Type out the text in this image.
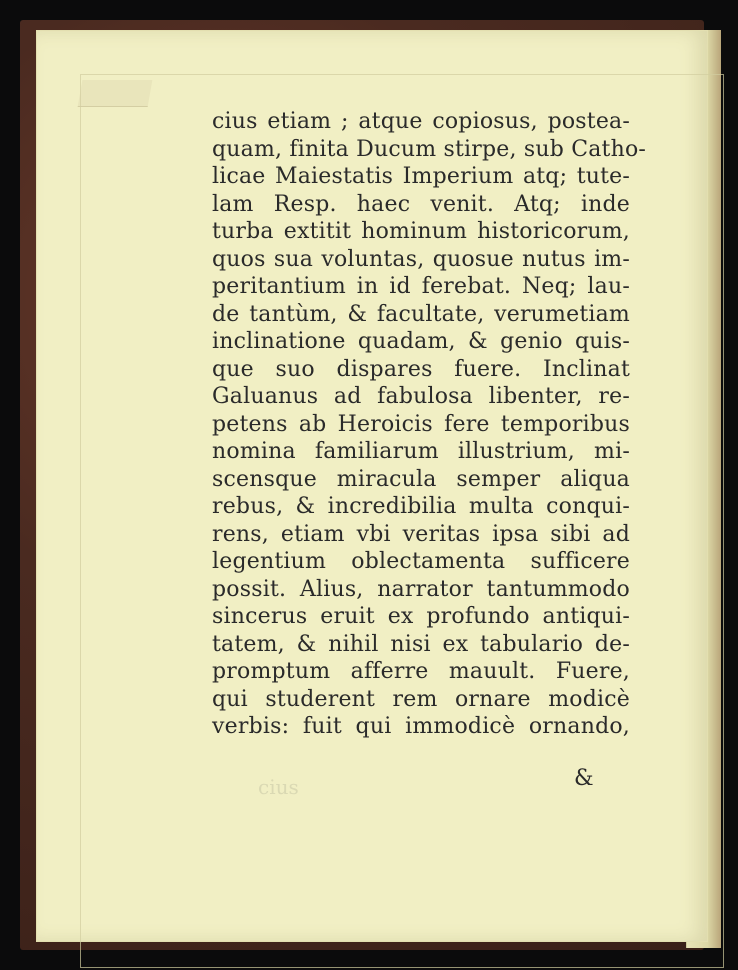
cius
cius etiam ; atque copiosus, postea-
quam, finita Ducum stirpe, sub Catho-
licae Maiestatis Imperium atq; tute-
lam Resp. haec venit. Atq; inde
turba extitit hominum historicorum,
quos sua voluntas, quosue nutus im-
peritantium in id ferebat. Neq; lau-
de tantùm, & facultate, verumetiam
inclinatione quadam, & genio quis-
que suo dispares fuere. Inclinat
Galuanus ad fabulosa libenter, re-
petens ab Heroicis fere temporibus
nomina familiarum illustrium, mi-
scensque miracula semper aliqua
rebus, & incredibilia multa conqui-
rens, etiam vbi veritas ipsa sibi ad
legentium oblectamenta sufficere
possit. Alius, narrator tantummodo
sincerus eruit ex profundo antiqui-
tatem, & nihil nisi ex tabulario de-
promptum afferre mauult. Fuere,
qui studerent rem ornare modicè
verbis: fuit qui immodicè ornando,
&
